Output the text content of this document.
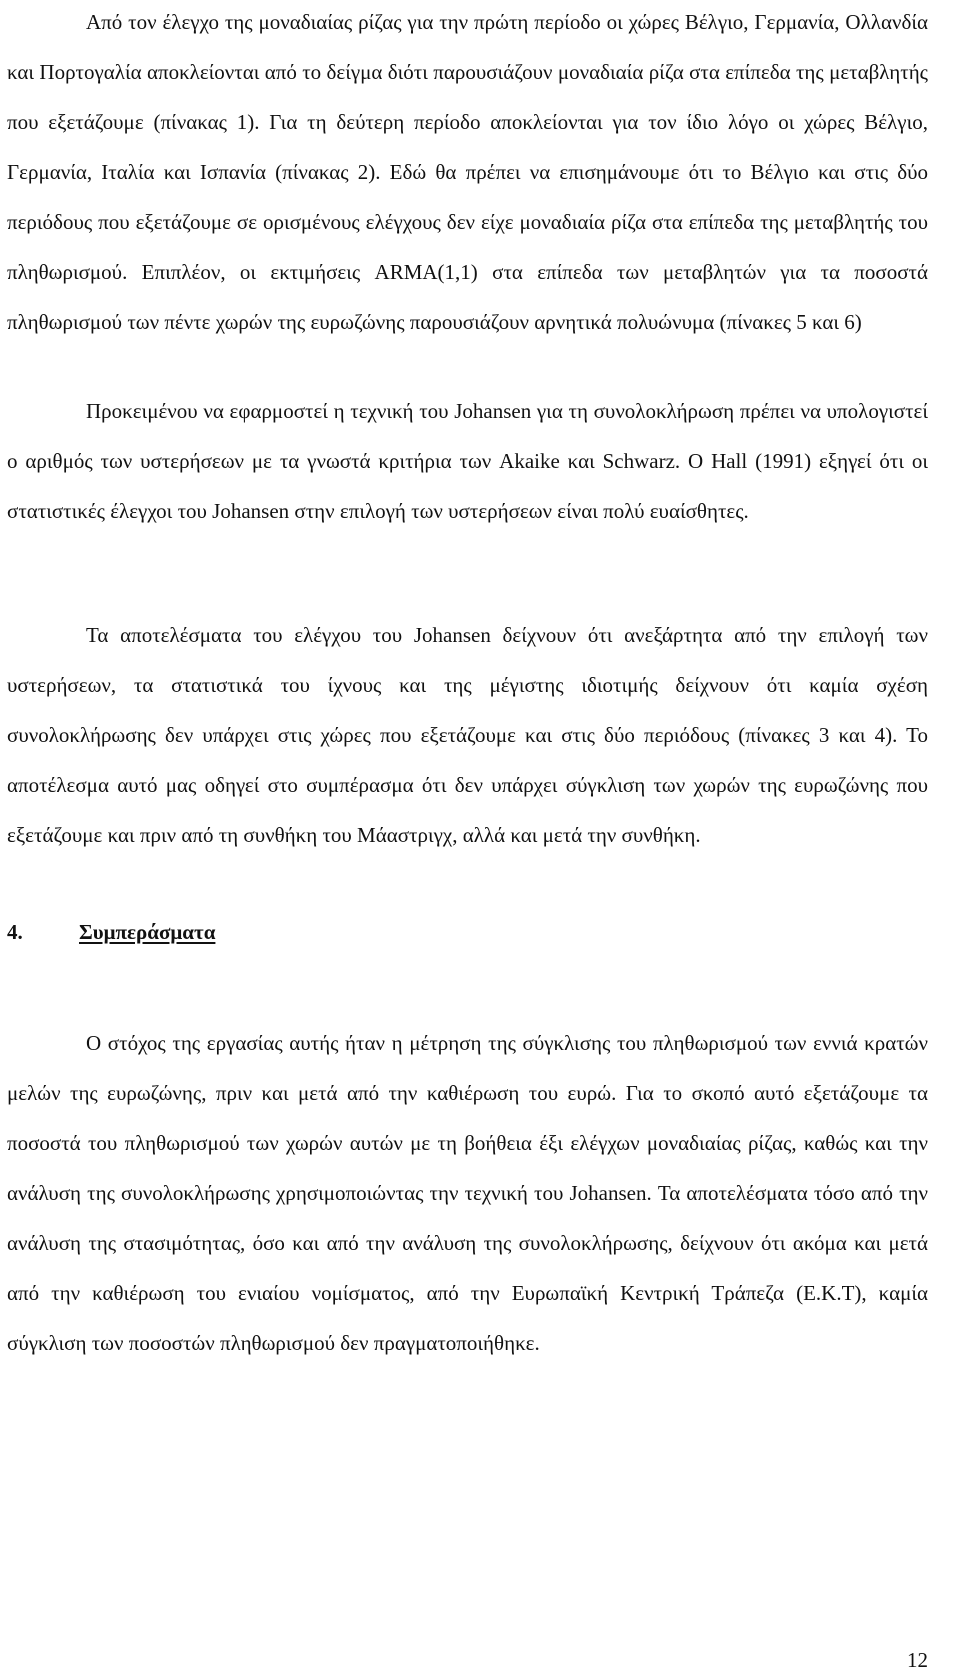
Από τον έλεγχο της μοναδιαίας ρίζας για την πρώτη περίοδο οι χώρες Βέλγιο, Γερμανία, Ολλανδία και Πορτογαλία αποκλείονται από το δείγμα διότι παρουσιάζουν μοναδιαία ρίζα στα επίπεδα της μεταβλητής που εξετάζουμε (πίνακας 1). Για τη δεύτερη περίοδο αποκλείονται για τον ίδιο λόγο οι χώρες Βέλγιο, Γερμανία, Ιταλία και Ισπανία (πίνακας 2). Εδώ θα πρέπει να επισημάνουμε ότι το Βέλγιο και στις δύο περιόδους που εξετάζουμε σε ορισμένους ελέγχους δεν είχε μοναδιαία ρίζα στα επίπεδα της μεταβλητής του πληθωρισμού. Επιπλέον, οι εκτιμήσεις ARMA(1,1) στα επίπεδα των μεταβλητών για τα ποσοστά πληθωρισμού των πέντε χωρών της ευρωζώνης παρουσιάζουν αρνητικά πολυώνυμα (πίνακες 5 και 6)

Προκειμένου να εφαρμοστεί η τεχνική του Johansen για τη συνολοκλήρωση πρέπει να υπολογιστεί ο αριθμός των υστερήσεων με τα γνωστά κριτήρια των Akaike και Schwarz. Ο Hall (1991) εξηγεί ότι οι στατιστικές έλεγχοι του Johansen στην επιλογή των υστερήσεων είναι πολύ ευαίσθητες.

Τα αποτελέσματα του ελέγχου του Johansen δείχνουν ότι ανεξάρτητα από την επιλογή των υστερήσεων, τα στατιστικά του ίχνους και της μέγιστης ιδιοτιμής δείχνουν ότι καμία σχέση συνολοκλήρωσης δεν υπάρχει στις χώρες που εξετάζουμε και στις δύο περιόδους (πίνακες 3 και 4). Το αποτέλεσμα αυτό μας οδηγεί στο συμπέρασμα ότι δεν υπάρχει σύγκλιση των χωρών της ευρωζώνης που εξετάζουμε και πριν από τη συνθήκη του Μάαστριγχ, αλλά και μετά την συνθήκη.

4.	Συμπεράσματα

Ο στόχος της εργασίας αυτής ήταν η μέτρηση της σύγκλισης του πληθωρισμού των εννιά κρατών μελών της ευρωζώνης, πριν και μετά από την καθιέρωση του ευρώ. Για το σκοπό αυτό εξετάζουμε τα ποσοστά του πληθωρισμού των χωρών αυτών με τη βοήθεια έξι ελέγχων μοναδιαίας ρίζας, καθώς και την ανάλυση της συνολοκλήρωσης χρησιμοποιώντας την τεχνική του Johansen. Τα αποτελέσματα τόσο από την ανάλυση της στασιμότητας, όσο και από την ανάλυση της συνολοκλήρωσης, δείχνουν ότι ακόμα και μετά από την καθιέρωση του ενιαίου νομίσματος, από την Ευρωπαϊκή Κεντρική Τράπεζα (Ε.Κ.Τ), καμία σύγκλιση των ποσοστών πληθωρισμού δεν πραγματοποιήθηκε.

12
